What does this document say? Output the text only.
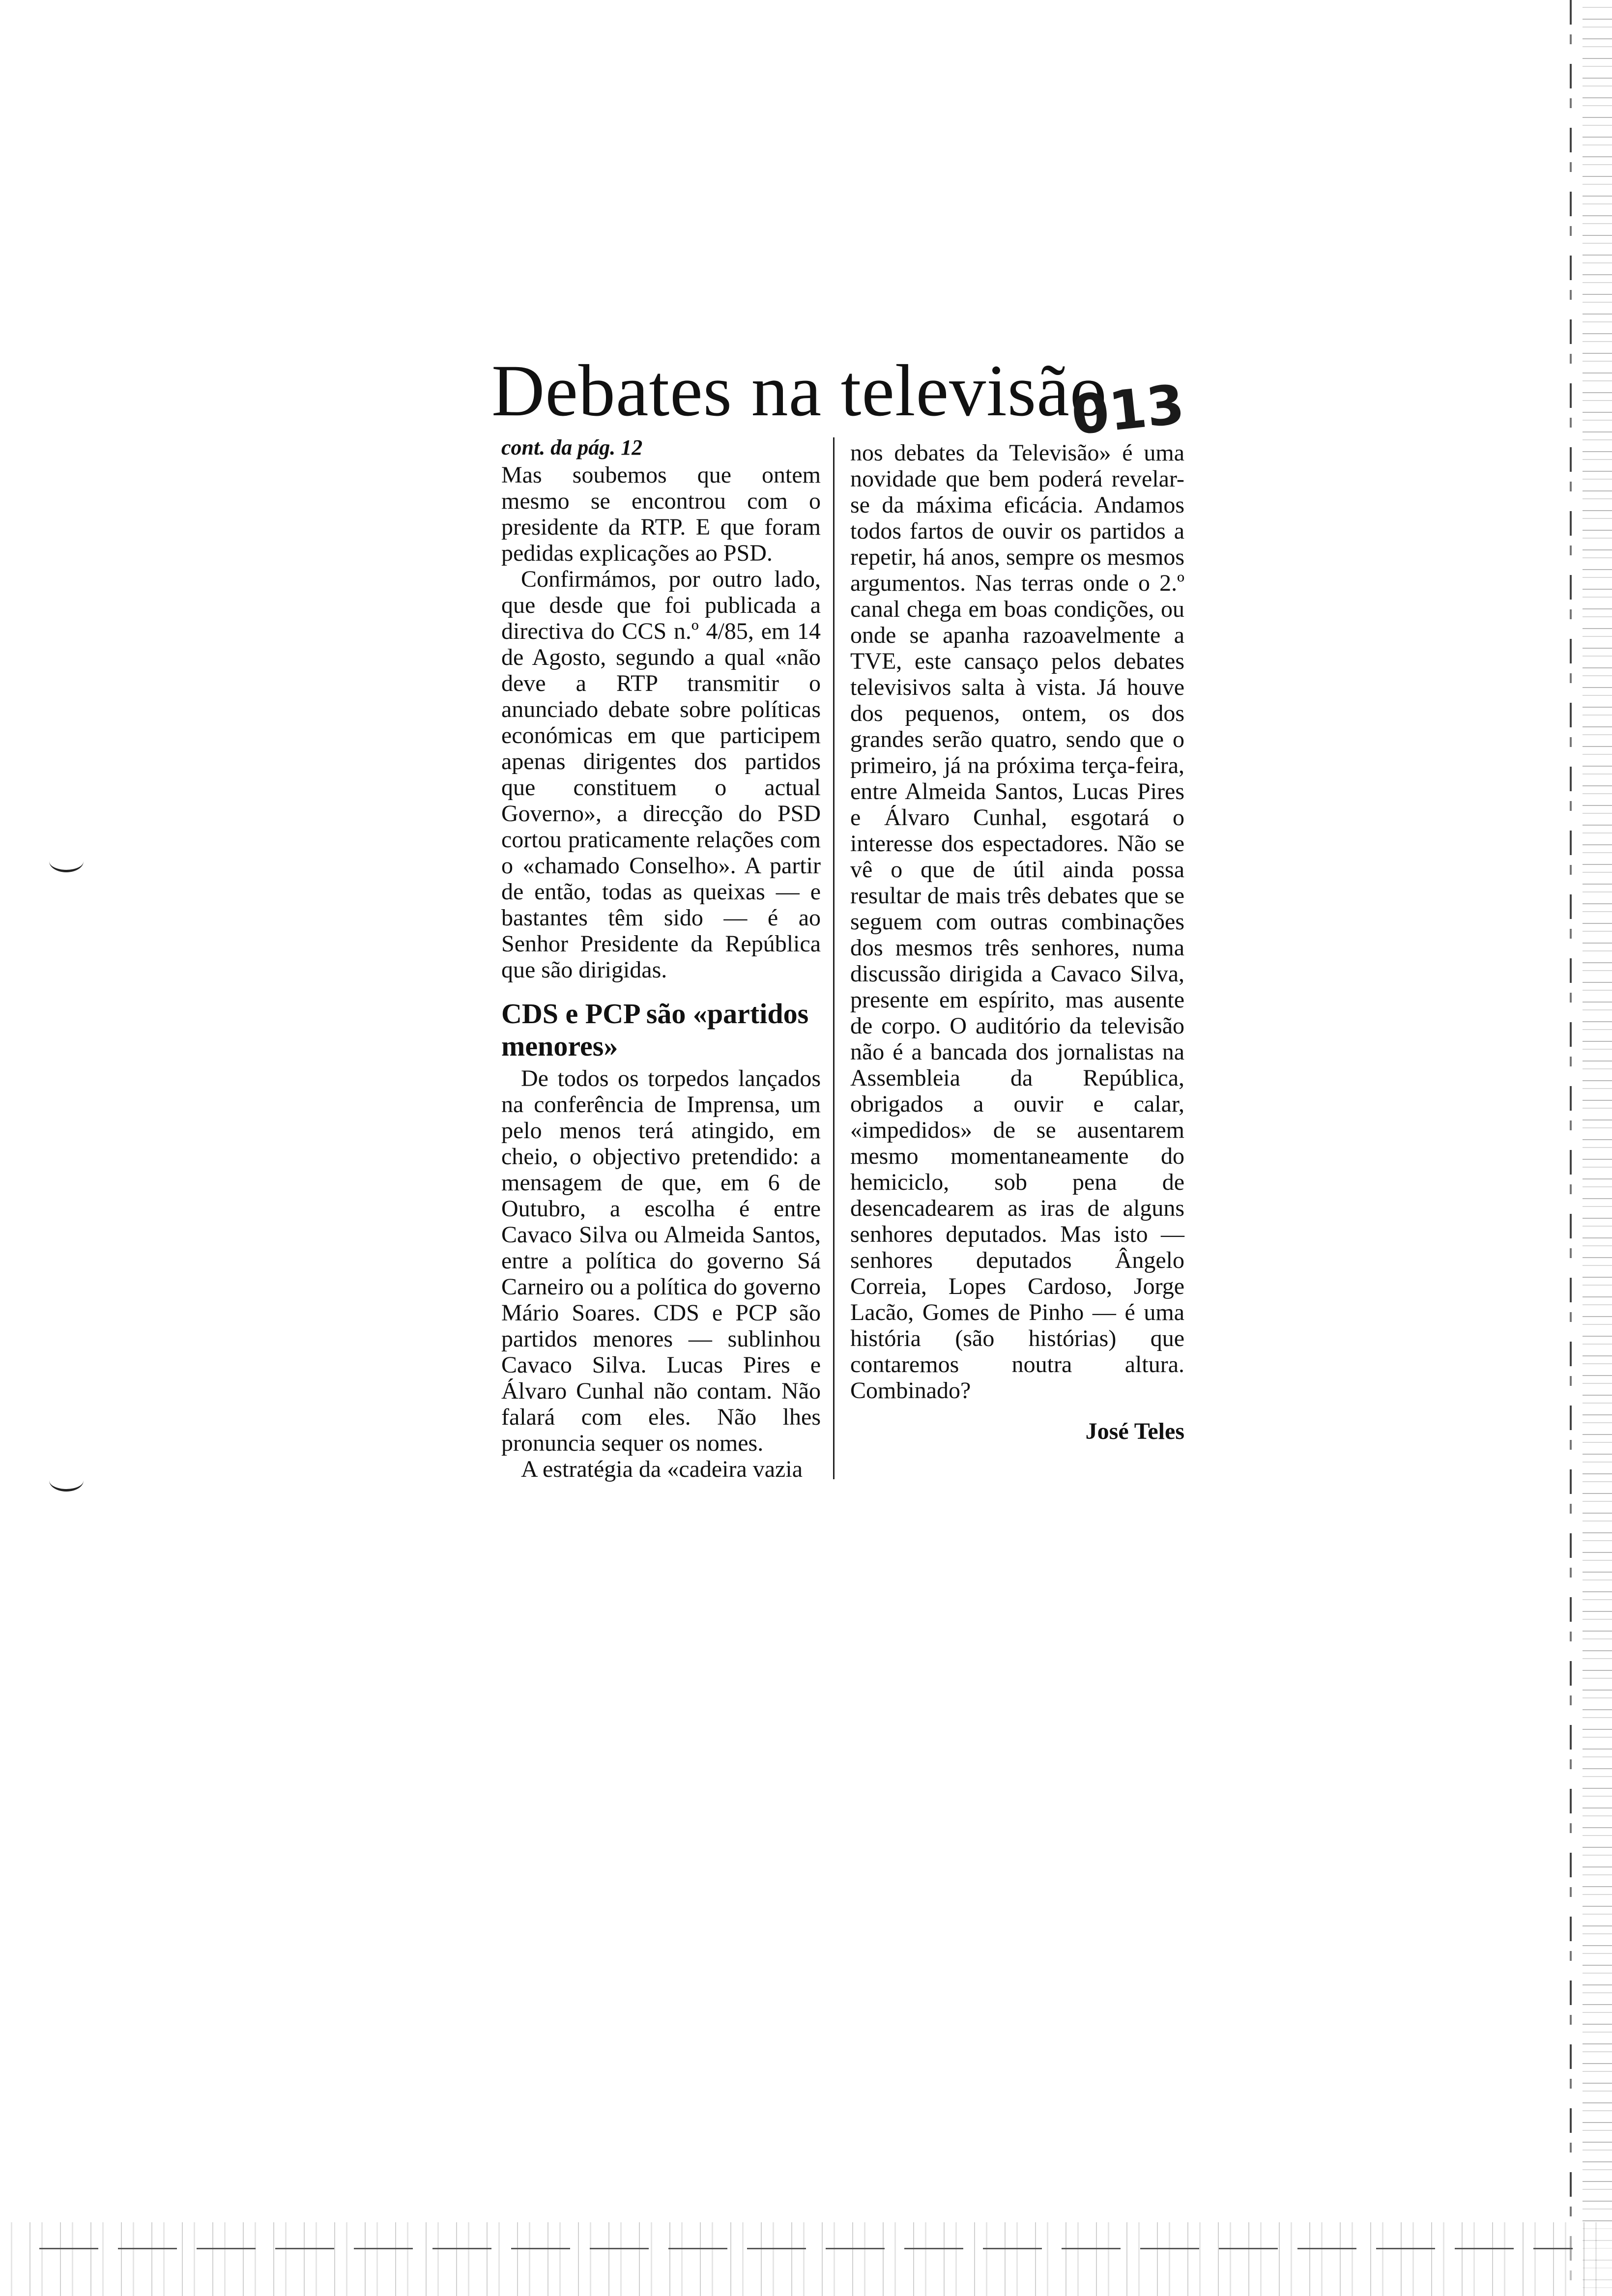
Debates na televisão
013
cont. da pág. 12

Mas soubemos que ontem mesmo se encontrou com o presidente da RTP. E que foram pedidas explicações ao PSD.

Confirmámos, por outro lado, que desde que foi publicada a directiva do CCS n.º 4/85, em 14 de Agosto, segundo a qual «não deve a RTP transmitir o anunciado debate sobre políticas económicas em que participem apenas dirigentes dos partidos que constituem o actual Governo», a direcção do PSD cortou praticamente relações com o «chamado Conselho». A partir de então, todas as queixas — e bastantes têm sido — é ao Senhor Presidente da República que são dirigidas.

CDS e PCP são «partidos menores»

De todos os torpedos lançados na conferência de Imprensa, um pelo menos terá atingido, em cheio, o objectivo pretendido: a mensagem de que, em 6 de Outubro, a escolha é entre Cavaco Silva ou Almeida Santos, entre a política do governo Sá Carneiro ou a política do governo Mário Soares. CDS e PCP são partidos menores — sublinhou Cavaco Silva. Lucas Pires e Álvaro Cunhal não contam. Não falará com eles. Não lhes pronuncia sequer os nomes.

A estratégia da «cadeira vazia

nos debates da Televisão» é uma novidade que bem poderá revelar-se da máxima eficácia. Andamos todos fartos de ouvir os partidos a repetir, há anos, sempre os mesmos argumentos. Nas terras onde o 2.º canal chega em boas condições, ou onde se apanha razoavelmente a TVE, este cansaço pelos debates televisivos salta à vista. Já houve dos pequenos, ontem, os dos grandes serão quatro, sendo que o primeiro, já na próxima terça-feira, entre Almeida Santos, Lucas Pires e Álvaro Cunhal, esgotará o interesse dos espectadores. Não se vê o que de útil ainda possa resultar de mais três debates que se seguem com outras combinações dos mesmos três senhores, numa discussão dirigida a Cavaco Silva, presente em espírito, mas ausente de corpo. O auditório da televisão não é a bancada dos jornalistas na Assembleia da República, obrigados a ouvir e calar, «impedidos» de se ausentarem mesmo momentaneamente do hemiciclo, sob pena de desencadearem as iras de alguns senhores deputados. Mas isto — senhores deputados Ângelo Correia, Lopes Cardoso, Jorge Lacão, Gomes de Pinho — é uma história (são histórias) que contaremos noutra altura. Combinado?

José Teles
